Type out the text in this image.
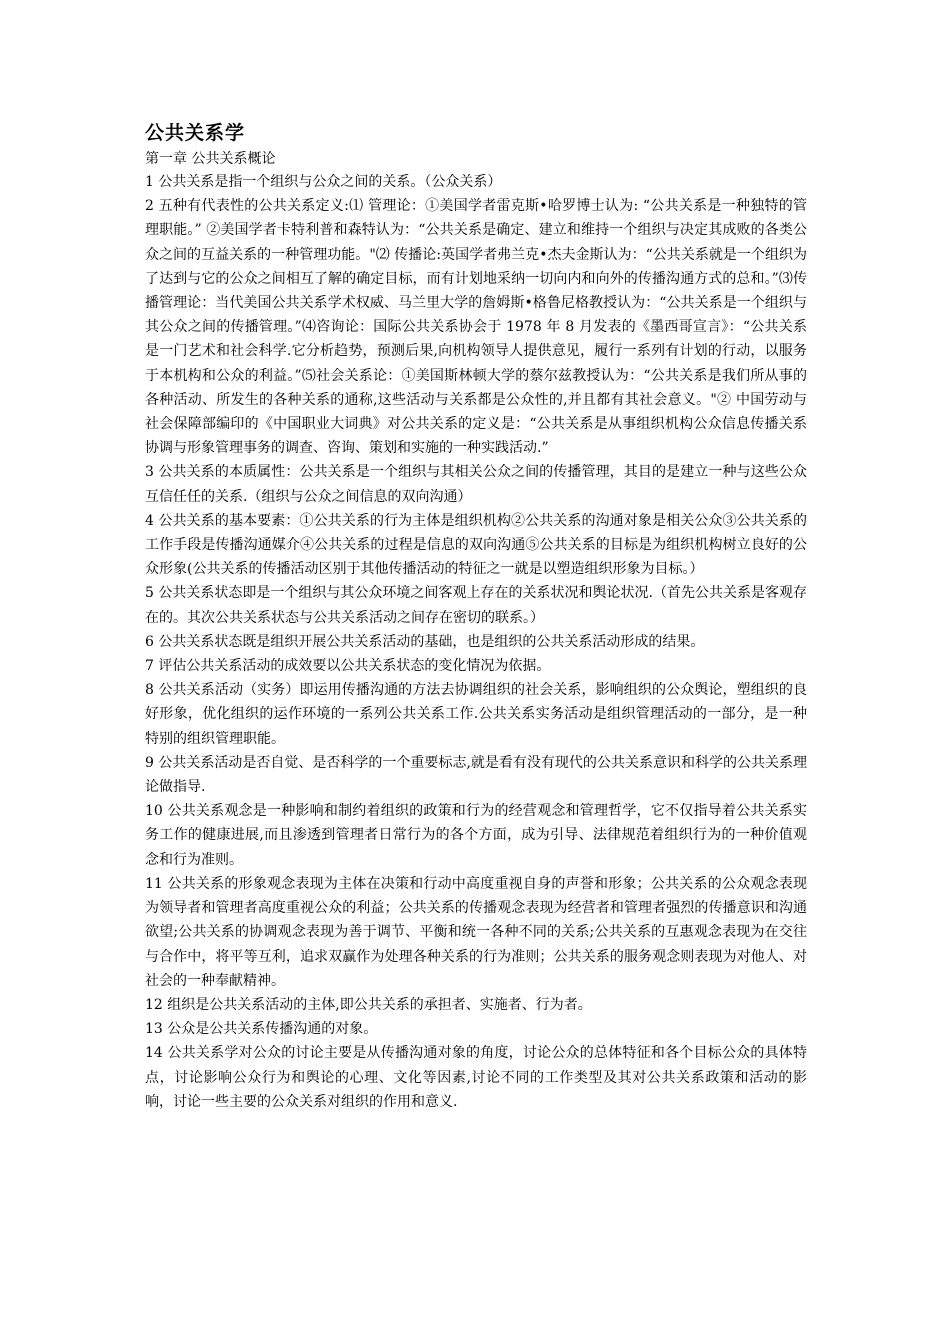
公共关系学

第一章 公共关系概论

1 公共关系是指一个组织与公众之间的关系。（公众关系）

2 五种有代表性的公共关系定义:⑴ 管理论：①美国学者雷克斯•哈罗博士认为: “公共关系是一种独特的管理职能。” ②美国学者卡特利普和森特认为：“公共关系是确定、建立和维持一个组织与决定其成败的各类公众之间的互益关系的一种管理功能。"⑵ 传播论:英国学者弗兰克•杰夫金斯认为：“公共关系就是一个组织为了达到与它的公众之间相互了解的确定目标，而有计划地采纳一切向内和向外的传播沟通方式的总和。”⑶传播管理论：当代美国公共关系学术权威、马兰里大学的詹姆斯•格鲁尼格教授认为：“公共关系是一个组织与其公众之间的传播管理。”⑷咨询论：国际公共关系协会于 1978 年 8 月发表的《墨西哥宣言》：“公共关系是一门艺术和社会科学.它分析趋势，预测后果,向机构领导人提供意见，履行一系列有计划的行动，以服务于本机构和公众的利益。”⑸社会关系论：①美国斯林顿大学的蔡尔兹教授认为：“公共关系是我们所从事的各种活动、所发生的各种关系的通称,这些活动与关系都是公众性的,并且都有其社会意义。"② 中国劳动与社会保障部编印的《中国职业大词典》对公共关系的定义是：“公共关系是从事组织机构公众信息传播关系协调与形象管理事务的调查、咨询、策划和实施的一种实践活动.”

3 公共关系的本质属性：公共关系是一个组织与其相关公众之间的传播管理，其目的是建立一种与这些公众互信任任的关系.（组织与公众之间信息的双向沟通）

4 公共关系的基本要素：①公共关系的行为主体是组织机构②公共关系的沟通对象是相关公众③公共关系的工作手段是传播沟通媒介④公共关系的过程是信息的双向沟通⑤公共关系的目标是为组织机构树立良好的公众形象(公共关系的传播活动区别于其他传播活动的特征之一就是以塑造组织形象为目标。）

5 公共关系状态即是一个组织与其公众环境之间客观上存在的关系状况和舆论状况.（首先公共关系是客观存在的。其次公共关系状态与公共关系活动之间存在密切的联系。）

6 公共关系状态既是组织开展公共关系活动的基础，也是组织的公共关系活动形成的结果。

7 评估公共关系活动的成效要以公共关系状态的变化情况为依据。

8 公共关系活动（实务）即运用传播沟通的方法去协调组织的社会关系，影响组织的公众舆论，塑组织的良好形象，优化组织的运作环境的一系列公共关系工作.公共关系实务活动是组织管理活动的一部分，是一种特别的组织管理职能。

9 公共关系活动是否自觉、是否科学的一个重要标志,就是看有没有现代的公共关系意识和科学的公共关系理论做指导.

10 公共关系观念是一种影响和制约着组织的政策和行为的经营观念和管理哲学，它不仅指导着公共关系实务工作的健康进展,而且渗透到管理者日常行为的各个方面，成为引导、法律规范着组织行为的一种价值观念和行为准则。

11 公共关系的形象观念表现为主体在决策和行动中高度重视自身的声誉和形象；公共关系的公众观念表现为领导者和管理者高度重视公众的利益；公共关系的传播观念表现为经营者和管理者强烈的传播意识和沟通欲望;公共关系的协调观念表现为善于调节、平衡和统一各种不同的关系;公共关系的互惠观念表现为在交往与合作中，将平等互利，追求双赢作为处理各种关系的行为准则；公共关系的服务观念则表现为对他人、对社会的一种奉献精神。

12 组织是公共关系活动的主体,即公共关系的承担者、实施者、行为者。

13 公众是公共关系传播沟通的对象。

14 公共关系学对公众的讨论主要是从传播沟通对象的角度，讨论公众的总体特征和各个目标公众的具体特点，讨论影响公众行为和舆论的心理、文化等因素,讨论不同的工作类型及其对公共关系政策和活动的影响，讨论一些主要的公众关系对组织的作用和意义.
